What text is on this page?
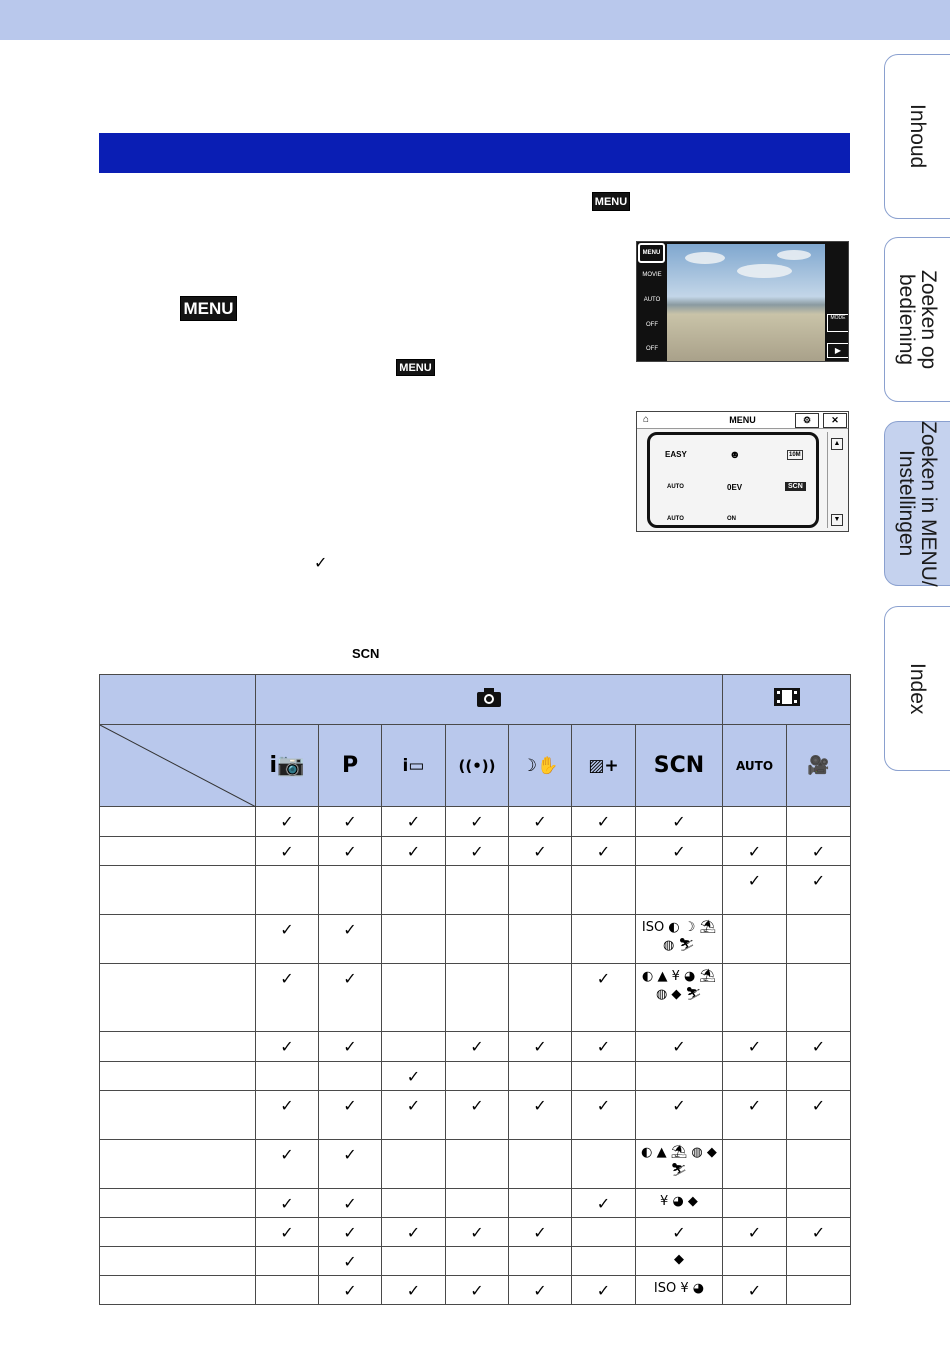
Inhoud
Zoeken op
bediening
Zoeken in MENU/
Instellingen
Index
MENU
MENU
MENU
✓
SCN
MENU
MOVIE
AUTO
OFF
OFF
MODE
▶
⌂	MENU	⚙	✕
EASY	☻	10M
AUTO	0EV	SCN
AUTO	ON
▲
▼

	i📷	P	i▭	((•))	☽✋	▨+	SCN	AUTO	🎥
	✓	✓	✓	✓	✓	✓	✓		
	✓	✓	✓	✓	✓	✓	✓	✓	✓
								✓	✓
	✓	✓					ISO ◐ ☽ ⛱ ◍ ⛷		
	✓	✓				✓	◐ ▲ ¥ ◕ ⛱ ◍ ◆ ⛷		
	✓	✓		✓	✓	✓	✓	✓	✓
			✓						
	✓	✓	✓	✓	✓	✓	✓	✓	✓
	✓	✓					◐ ▲ ⛱ ◍ ◆ ⛷		
	✓	✓				✓	¥ ◕ ◆		
	✓	✓	✓	✓	✓		✓	✓	✓
		✓					◆		
		✓	✓	✓	✓	✓	ISO ¥ ◕	✓	
